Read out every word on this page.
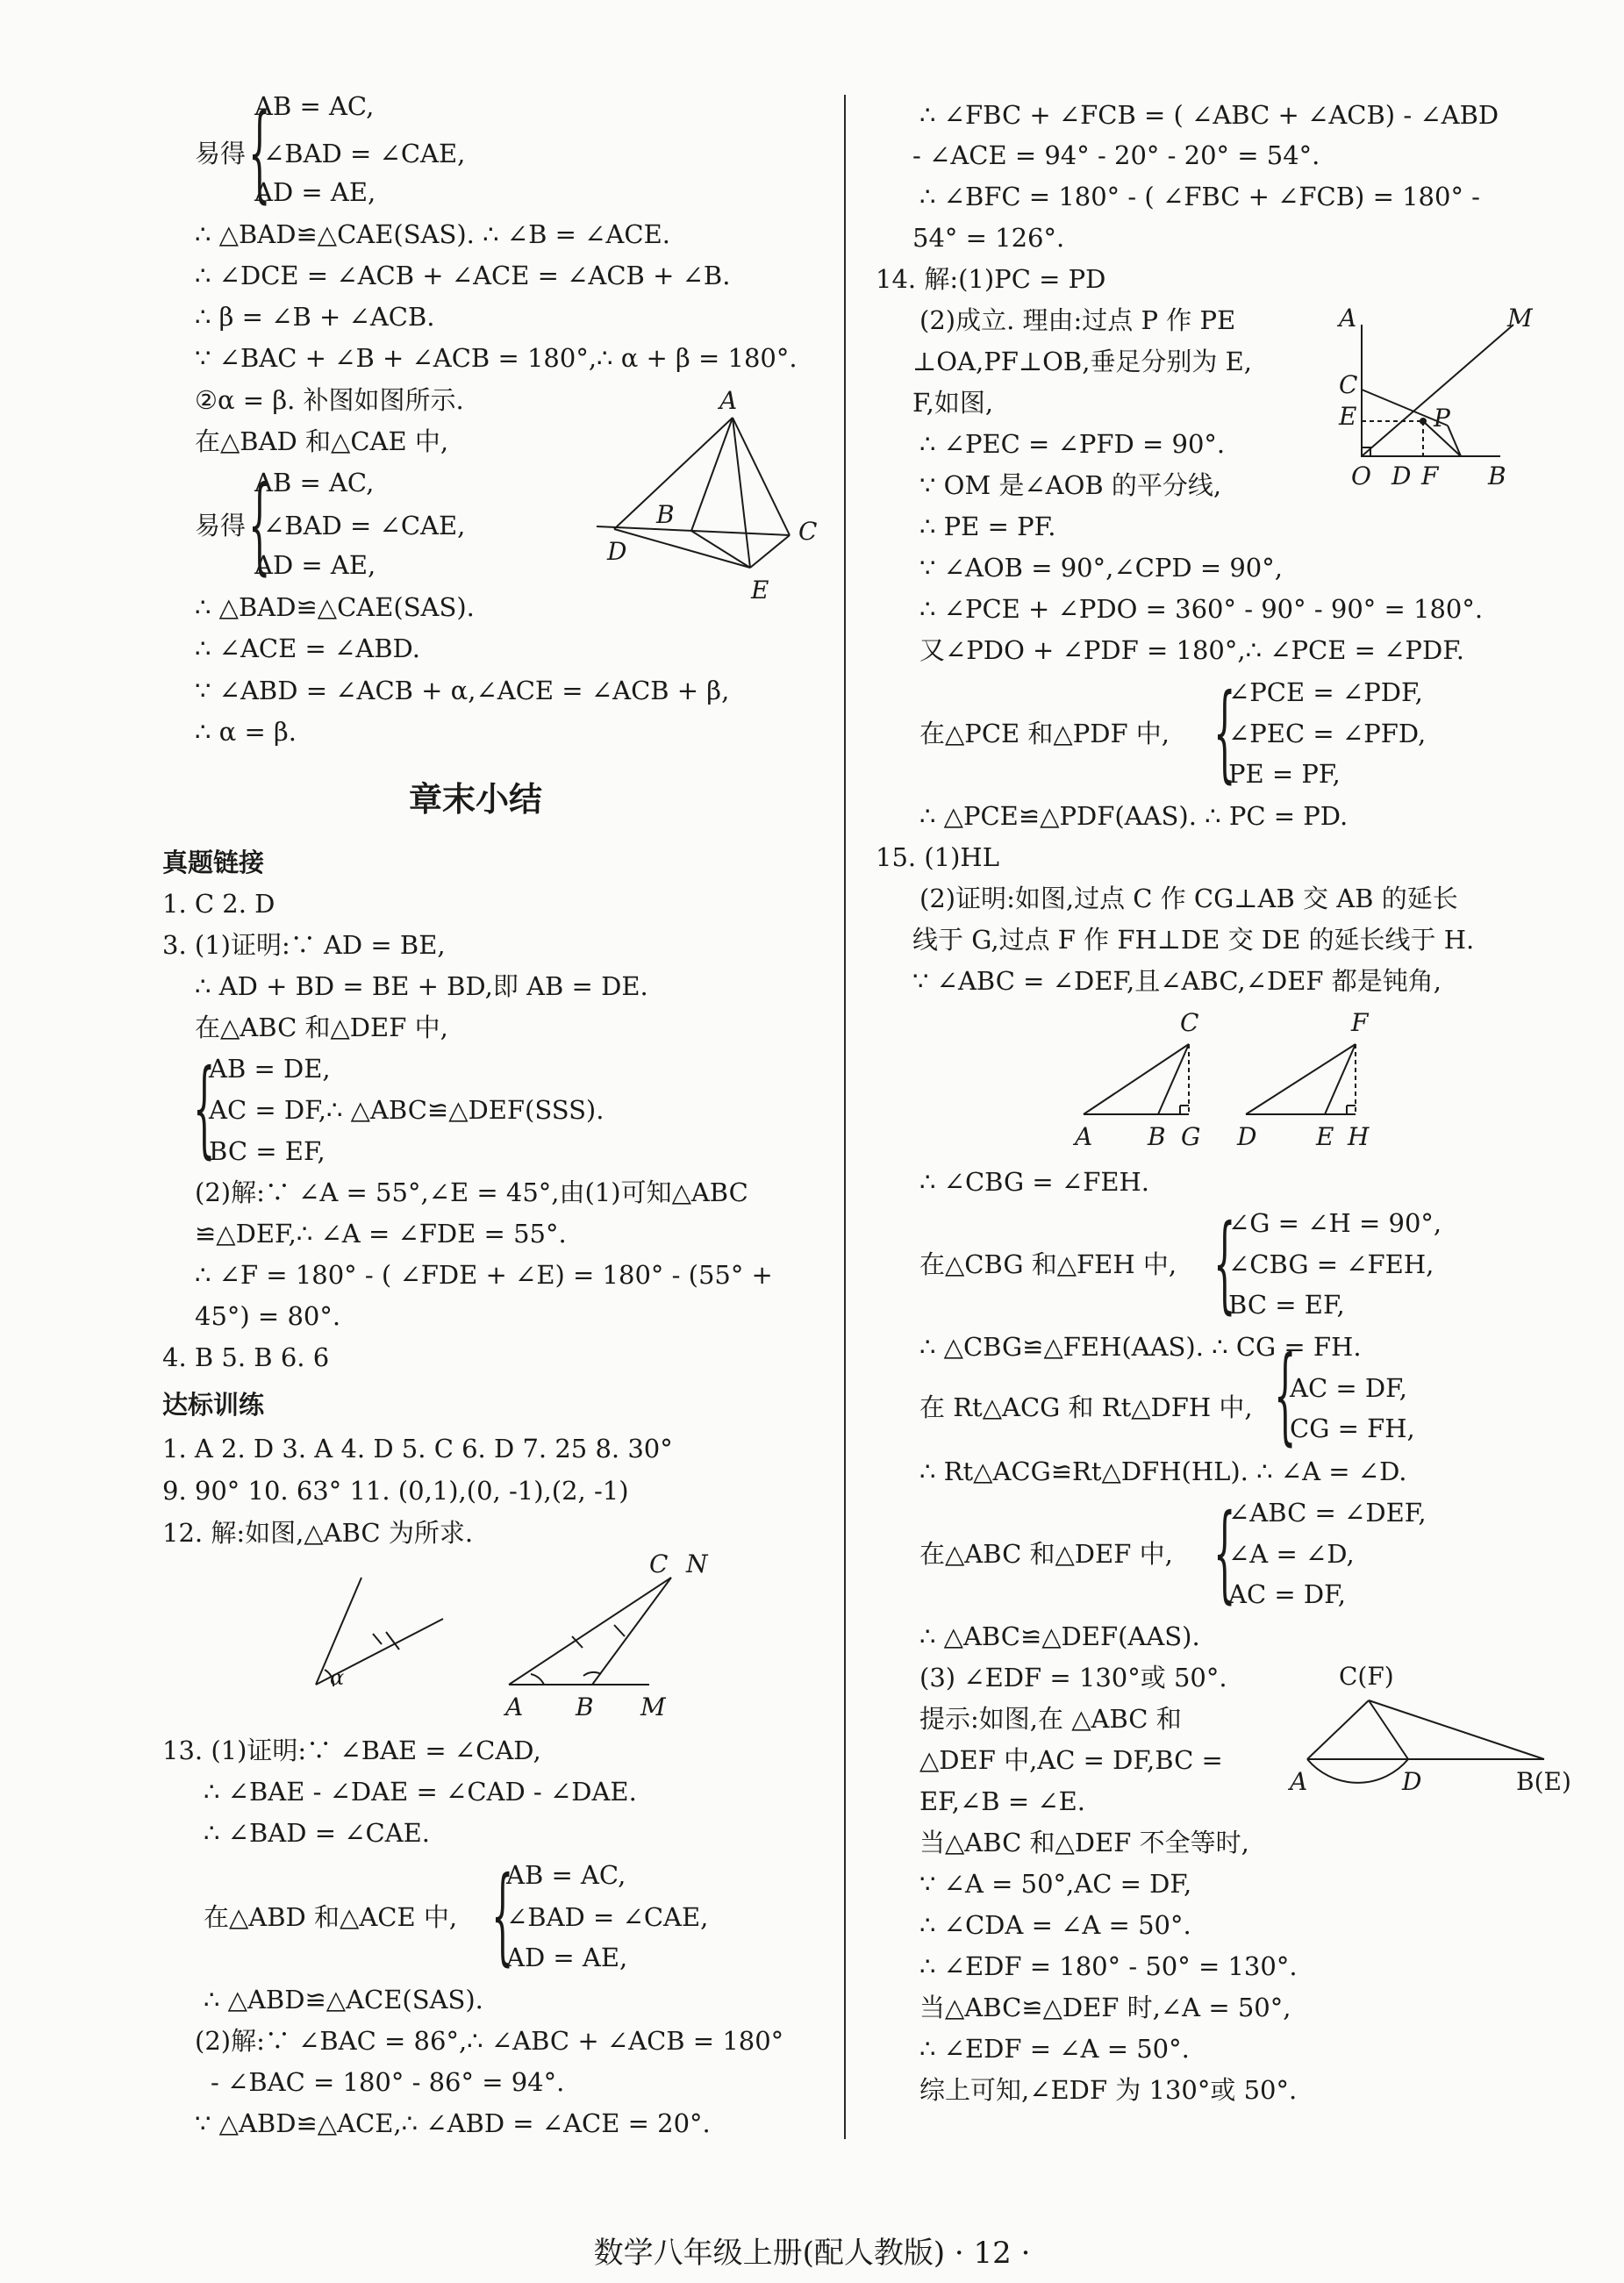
AB = AC,
易得 {
∠BAD = ∠CAE,
AD = AE,
∴ △BAD≌△CAE(SAS). ∴ ∠B = ∠ACE.
∴ ∠DCE = ∠ACB + ∠ACE = ∠ACB + ∠B.
∴ β = ∠B + ∠ACB.
∵ ∠BAC + ∠B + ∠ACB = 180°,∴ α + β = 180°.
②α = β. 补图如图所示.
在△BAD 和△CAE 中,
AB = AC,
易得 {
∠BAD = ∠CAE,
AD = AE,
∴ △BAD≌△CAE(SAS).
∴ ∠ACE = ∠ABD.
∵ ∠ABD = ∠ACB + α,∠ACE = ∠ACB + β,
∴ α = β.
A
B
C
D
E
章末小结
真题链接
1. C 2. D
3. (1)证明:∵ AD = BE,
∴ AD + BD = BE + BD,即 AB = DE.
在△ABC 和△DEF 中,
AB = DE,
{
AC = DF,∴ △ABC≌△DEF(SSS).
BC = EF,
(2)解:∵ ∠A = 55°,∠E = 45°,由(1)可知△ABC
≌△DEF,∴ ∠A = ∠FDE = 55°.
∴ ∠F = 180° - ( ∠FDE + ∠E) = 180° - (55° +
45°) = 80°.
4. B 5. B 6. 6
达标训练
1. A 2. D 3. A 4. D 5. C 6. D 7. 25 8. 30°
9. 90° 10. 63° 11. (0,1),(0, -1),(2, -1)
12. 解:如图,△ABC 为所求.
α
A B M
C N
13. (1)证明:∵ ∠BAE = ∠CAD,
∴ ∠BAE - ∠DAE = ∠CAD - ∠DAE.
∴ ∠BAD = ∠CAE.
AB = AC,
在△ABD 和△ACE 中, {
∠BAD = ∠CAE,
AD = AE,
∴ △ABD≌△ACE(SAS).
(2)解:∵ ∠BAC = 86°,∴ ∠ABC + ∠ACB = 180°
- ∠BAC = 180° - 86° = 94°.
∵ △ABD≌△ACE,∴ ∠ABD = ∠ACE = 20°.
∴ ∠FBC + ∠FCB = ( ∠ABC + ∠ACB) - ∠ABD
- ∠ACE = 94° - 20° - 20° = 54°.
∴ ∠BFC = 180° - ( ∠FBC + ∠FCB) = 180° -
54° = 126°.
14. 解:(1)PC = PD
(2)成立. 理由:过点 P 作 PE
⊥OA,PF⊥OB,垂足分别为 E,
F,如图,
∴ ∠PEC = ∠PFD = 90°.
∵ OM 是∠AOB 的平分线,
∴ PE = PF.
∵ ∠AOB = 90°,∠CPD = 90°,
∴ ∠PCE + ∠PDO = 360° - 90° - 90° = 180°.
又∠PDO + ∠PDF = 180°,∴ ∠PCE = ∠PDF.
∠PCE = ∠PDF,
在△PCE 和△PDF 中, {
∠PEC = ∠PFD,
PE = PF,
∴ △PCE≌△PDF(AAS). ∴ PC = PD.
A	M
C
E	P
O D F B
15. (1)HL
(2)证明:如图,过点 C 作 CG⊥AB 交 AB 的延长
线于 G,过点 F 作 FH⊥DE 交 DE 的延长线于 H.
∵ ∠ABC = ∠DEF,且∠ABC,∠DEF 都是钝角,
C
A B G
F
D E H
∴ ∠CBG = ∠FEH.
∠G = ∠H = 90°,
在△CBG 和△FEH 中, {
∠CBG = ∠FEH,
BC = EF,
∴ △CBG≌△FEH(AAS). ∴ CG = FH.
在 Rt△ACG 和 Rt△DFH 中, {
AC = DF,
CG = FH,
∴ Rt△ACG≌Rt△DFH(HL). ∴ ∠A = ∠D.
∠ABC = ∠DEF,
在△ABC 和△DEF 中, {
∠A = ∠D,
AC = DF,
∴ △ABC≌△DEF(AAS).
(3) ∠EDF = 130°或 50°.
提示:如图,在 △ABC 和
△DEF 中,AC = DF,BC =
EF,∠B = ∠E.
C(F)
A	D	B(E)
当△ABC 和△DEF 不全等时,
∵ ∠A = 50°,AC = DF,
∴ ∠CDA = ∠A = 50°.
∴ ∠EDF = 180° - 50° = 130°.
当△ABC≌△DEF 时,∠A = 50°,
∴ ∠EDF = ∠A = 50°.
综上可知,∠EDF 为 130°或 50°.
数学八年级上册(配人教版) · 12 ·
